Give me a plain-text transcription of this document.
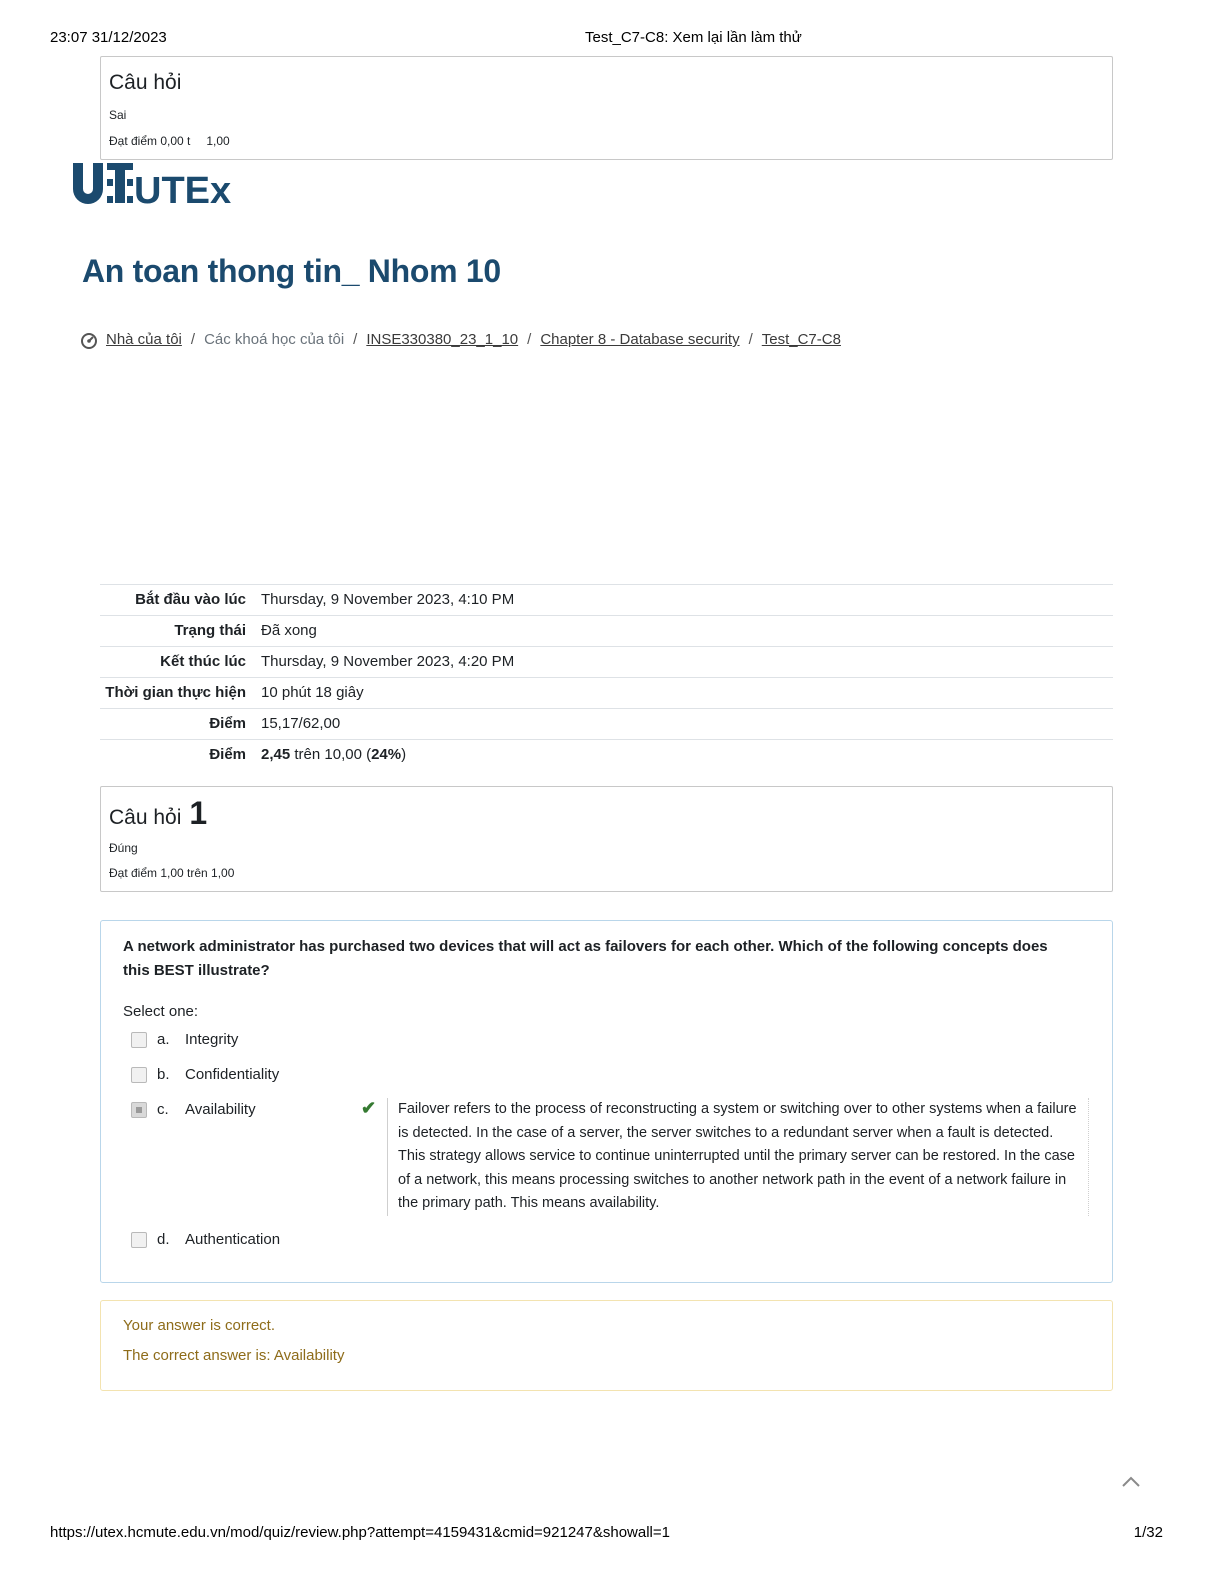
23:07 31/12/2023	Test_C7-C8: Xem lại lần làm thử
Câu hỏi
Sai
Đạt điểm 0,00 t 1,00
UTEx
An toan thong tin_ Nhom 10
Nhà của tôi / Các khoá học của tôi / INSE330380_23_1_10 / Chapter 8 - Database security / Test_C7-C8
Bắt đầu vào lúc	Thursday, 9 November 2023, 4:10 PM
Trạng thái	Đã xong
Kết thúc lúc	Thursday, 9 November 2023, 4:20 PM
Thời gian thực hiện	10 phút 18 giây
Điểm	15,17/62,00
Điểm	2,45 trên 10,00 (24%)
Câu hỏi 1
Đúng
Đạt điểm 1,00 trên 1,00
A network administrator has purchased two devices that will act as failovers for each other. Which of the following concepts does this BEST illustrate?
Select one:
a.	Integrity
b.	Confidentiality
c.	Availability	✔	Failover refers to the process of reconstructing a system or switching over to other systems when a failure is detected. In the case of a server, the server switches to a redundant server when a fault is detected. This strategy allows service to continue uninterrupted until the primary server can be restored. In the case of a network, this means processing switches to another network path in the event of a network failure in the primary path. This means availability.
d.	Authentication
Your answer is correct.
The correct answer is: Availability
https://utex.hcmute.edu.vn/mod/quiz/review.php?attempt=4159431&cmid=921247&showall=1	1/32
